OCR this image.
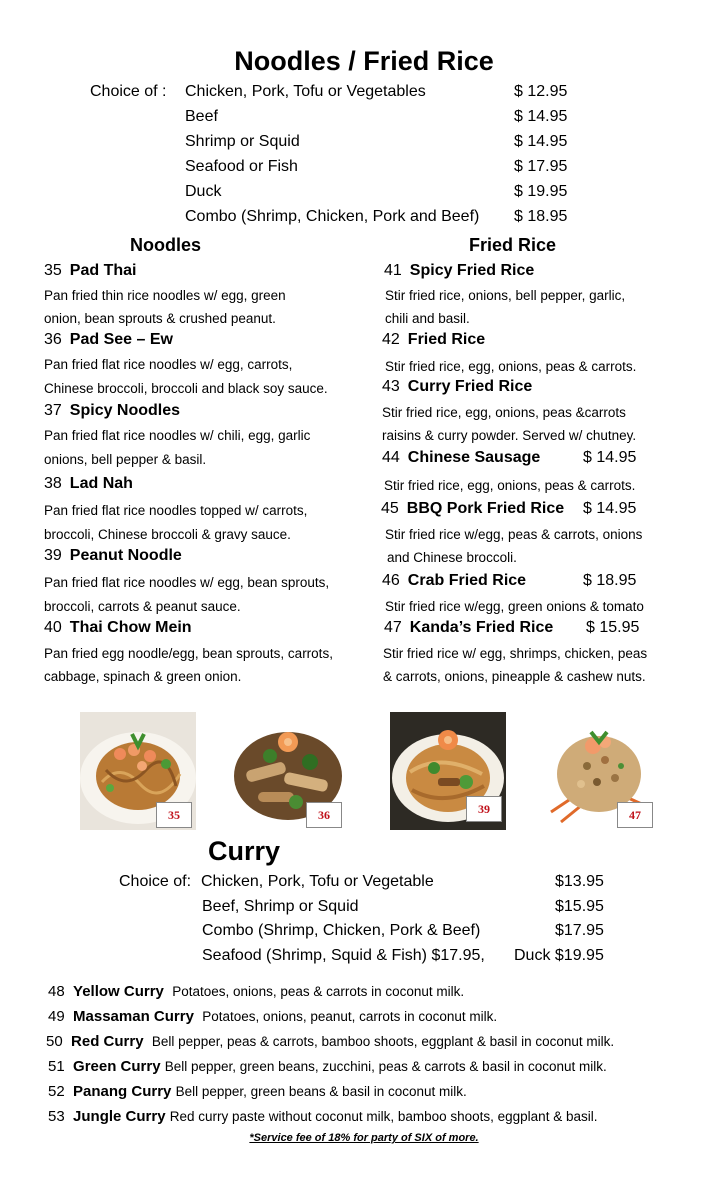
Noodles / Fried Rice
Choice of : Chicken, Pork, Tofu or Vegetables	$ 12.95
Beef	$ 14.95
Shrimp or Squid	$ 14.95
Seafood or Fish	$ 17.95
Duck	$ 19.95
Combo (Shrimp, Chicken, Pork and Beef) $ 18.95
Noodles	Fried Rice
35 Pad Thai
Pan fried thin rice noodles w/ egg, green
onion, bean sprouts & crushed peanut.
36 Pad See – Ew
Pan fried flat rice noodles w/ egg, carrots,
Chinese broccoli, broccoli and black soy sauce.
37 Spicy Noodles
Pan fried flat rice noodles w/ chili, egg, garlic
onions, bell pepper & basil.
38 Lad Nah
Pan fried flat rice noodles topped w/ carrots,
broccoli, Chinese broccoli & gravy sauce.
39 Peanut Noodle
Pan fried flat rice noodles w/ egg, bean sprouts,
broccoli, carrots & peanut sauce.
40 Thai Chow Mein
Pan fried egg noodle/egg, bean sprouts, carrots,
cabbage, spinach & green onion.
41 Spicy Fried Rice
Stir fried rice, onions, bell pepper, garlic,
chili and basil.
42 Fried Rice
Stir fried rice, egg, onions, peas & carrots.
43 Curry Fried Rice
Stir fried rice, egg, onions, peas &carrots
raisins & curry powder. Served w/ chutney.
44 Chinese Sausage	$ 14.95
Stir fried rice, egg, onions, peas & carrots.
45 BBQ Pork Fried Rice $ 14.95
Stir fried rice w/egg, peas & carrots, onions
and Chinese broccoli.
46 Crab Fried Rice	$ 18.95
Stir fried rice w/egg, green onions & tomato
47 Kanda’s Fried Rice $ 15.95
Stir fried rice w/ egg, shrimps, chicken, peas
& carrots, onions, pineapple & cashew nuts.
35	36	39	47
Curry
Choice of: Chicken, Pork, Tofu or Vegetable	$13.95
Beef, Shrimp or Squid	$15.95
Combo (Shrimp, Chicken, Pork & Beef)	$17.95
Seafood (Shrimp, Squid & Fish) $17.95, Duck $19.95
48 Yellow Curry Potatoes, onions, peas & carrots in coconut milk.
49 Massaman Curry Potatoes, onions, peanut, carrots in coconut milk.
50 Red Curry Bell pepper, peas & carrots, bamboo shoots, eggplant & basil in coconut milk.
51 Green Curry Bell pepper, green beans, zucchini, peas & carrots & basil in coconut milk.
52 Panang Curry Bell pepper, green beans & basil in coconut milk.
53 Jungle Curry Red curry paste without coconut milk, bamboo shoots, eggplant & basil.
*Service fee of 18% for party of SIX of more.
